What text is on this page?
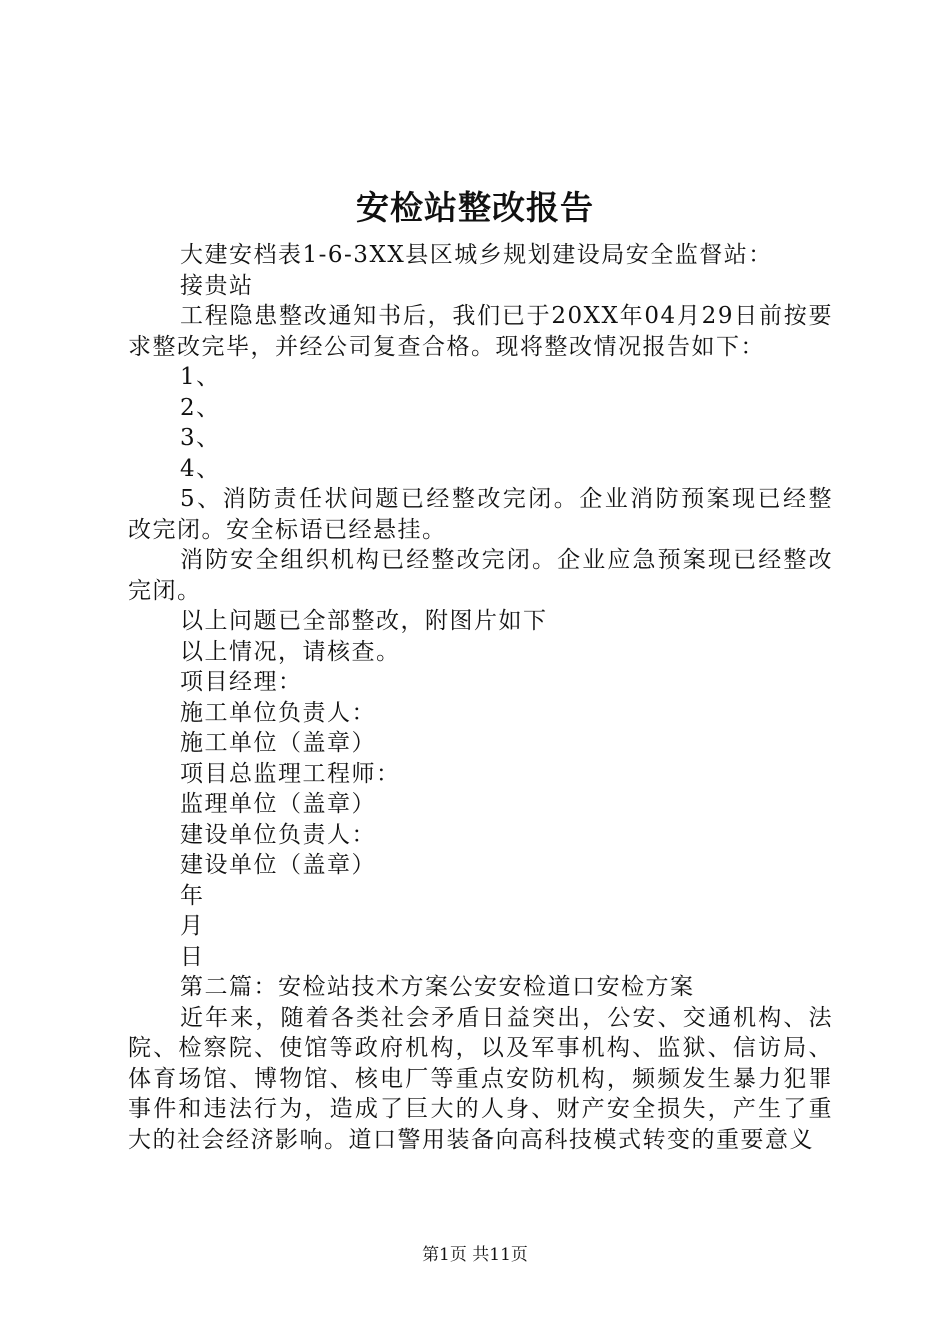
安检站整改报告

大建安档表1-6-3XX县区城乡规划建设局安全监督站：

接贵站

工程隐患整改通知书后，我们已于20XX年04月29日前按要求整改完毕，并经公司复查合格。现将整改情况报告如下：

1、

2、

3、

4、

5、消防责任状问题已经整改完闭。企业消防预案现已经整改完闭。安全标语已经悬挂。

消防安全组织机构已经整改完闭。企业应急预案现已经整改完闭。

以上问题已全部整改，附图片如下

以上情况，请核查。

项目经理：

施工单位负责人：

施工单位（盖章）

项目总监理工程师：

监理单位（盖章）

建设单位负责人：

建设单位（盖章）

年

月

日

第二篇：安检站技术方案公安安检道口安检方案

近年来，随着各类社会矛盾日益突出，公安、交通机构、法院、检察院、使馆等政府机构，以及军事机构、监狱、信访局、体育场馆、博物馆、核电厂等重点安防机构，频频发生暴力犯罪事件和违法行为，造成了巨大的人身、财产安全损失，产生了重大的社会经济影响。道口警用装备向高科技模式转变的重要意义

第1页 共11页
